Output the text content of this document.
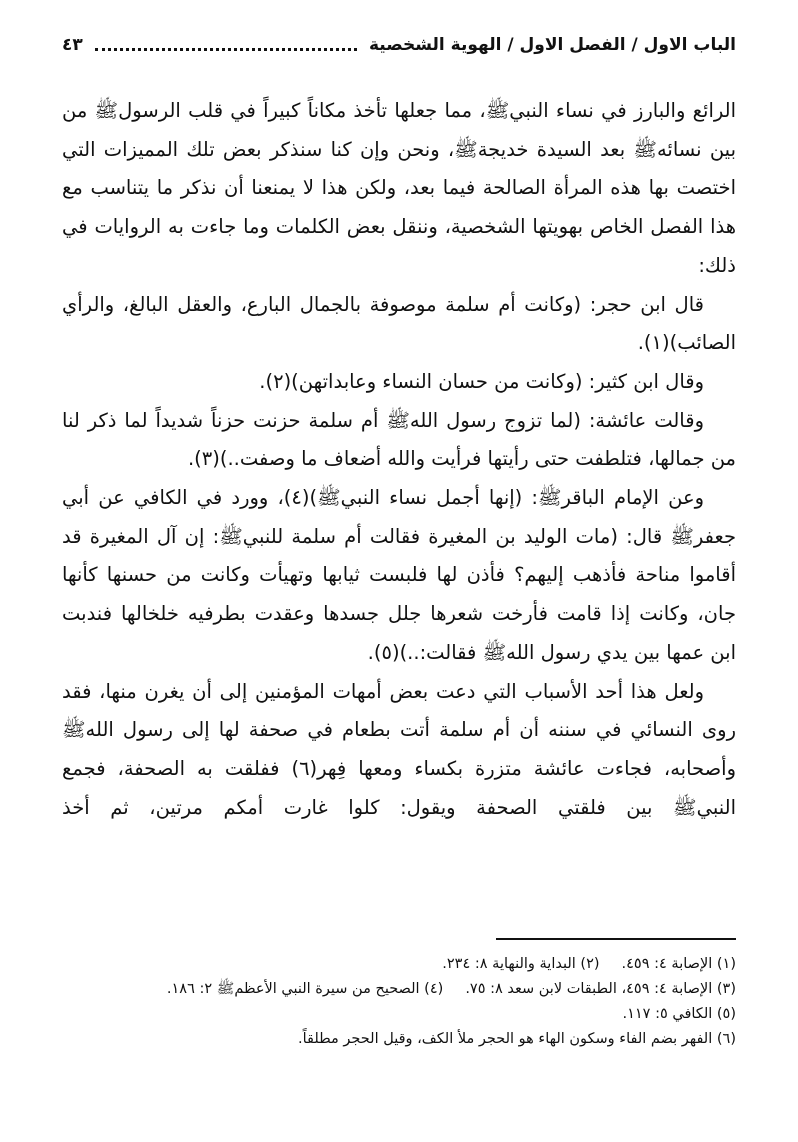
الباب الاول / الفصل الاول / الهوية الشخصية
٤٣

الرائع والبارز في نساء النبيﷺ، مما جعلها تأخذ مكاناً كبيراً في قلب الرسولﷺ من بين نسائهﷺ بعد السيدة خديجةﷺ، ونحن وإن كنا سنذكر بعض تلك المميزات التي اختصت بها هذه المرأة الصالحة فيما بعد، ولكن هذا لا يمنعنا أن نذكر ما يتناسب مع هذا الفصل الخاص بهويتها الشخصية، وننقل بعض الكلمات وما جاءت به الروايات في ذلك:

قال ابن حجر: (وكانت أم سلمة موصوفة بالجمال البارع، والعقل البالغ، والرأي الصائب)(١).

وقال ابن كثير: (وكانت من حسان النساء وعابداتهن)(٢).

وقالت عائشة: (لما تزوج رسول اللهﷺ أم سلمة حزنت حزناً شديداً لما ذكر لنا من جمالها، فتلطفت حتى رأيتها فرأيت والله أضعاف ما وصفت..)(٣).

وعن الإمام الباقرﷺ: (إنها أجمل نساء النبيﷺ)(٤)، وورد في الكافي عن أبي جعفرﷺ قال: (مات الوليد بن المغيرة فقالت أم سلمة للنبيﷺ: إن آل المغيرة قد أقاموا مناحة فأذهب إليهم؟ فأذن لها فلبست ثيابها وتهيأت وكانت من حسنها كأنها جان، وكانت إذا قامت فأرخت شعرها جلل جسدها وعقدت بطرفيه خلخالها فندبت ابن عمها بين يدي رسول اللهﷺ فقالت:..)(٥).

ولعل هذا أحد الأسباب التي دعت بعض أمهات المؤمنين إلى أن يغرن منها، فقد روى النسائي في سننه أن أم سلمة أتت بطعام في صحفة لها إلى رسول اللهﷺ وأصحابه، فجاءت عائشة متزرة بكساء ومعها فِهر(٦) ففلقت به الصحفة، فجمع النبيﷺ بين فلقتي الصحفة ويقول: كلوا غارت أمكم مرتين، ثم أخذ

(١) الإصابة ٤: ٤٥٩.
(٢) البداية والنهاية ٨: ٢٣٤.
(٣) الإصابة ٤: ٤٥٩، الطبقات لابن سعد ٨: ٧٥.
(٤) الصحيح من سيرة النبي الأعظمﷺ ٢: ١٨٦.
(٥) الكافي ٥: ١١٧.
(٦) الفهر بضم الفاء وسكون الهاء هو الحجر ملأ الكف، وقيل الحجر مطلقاً.
